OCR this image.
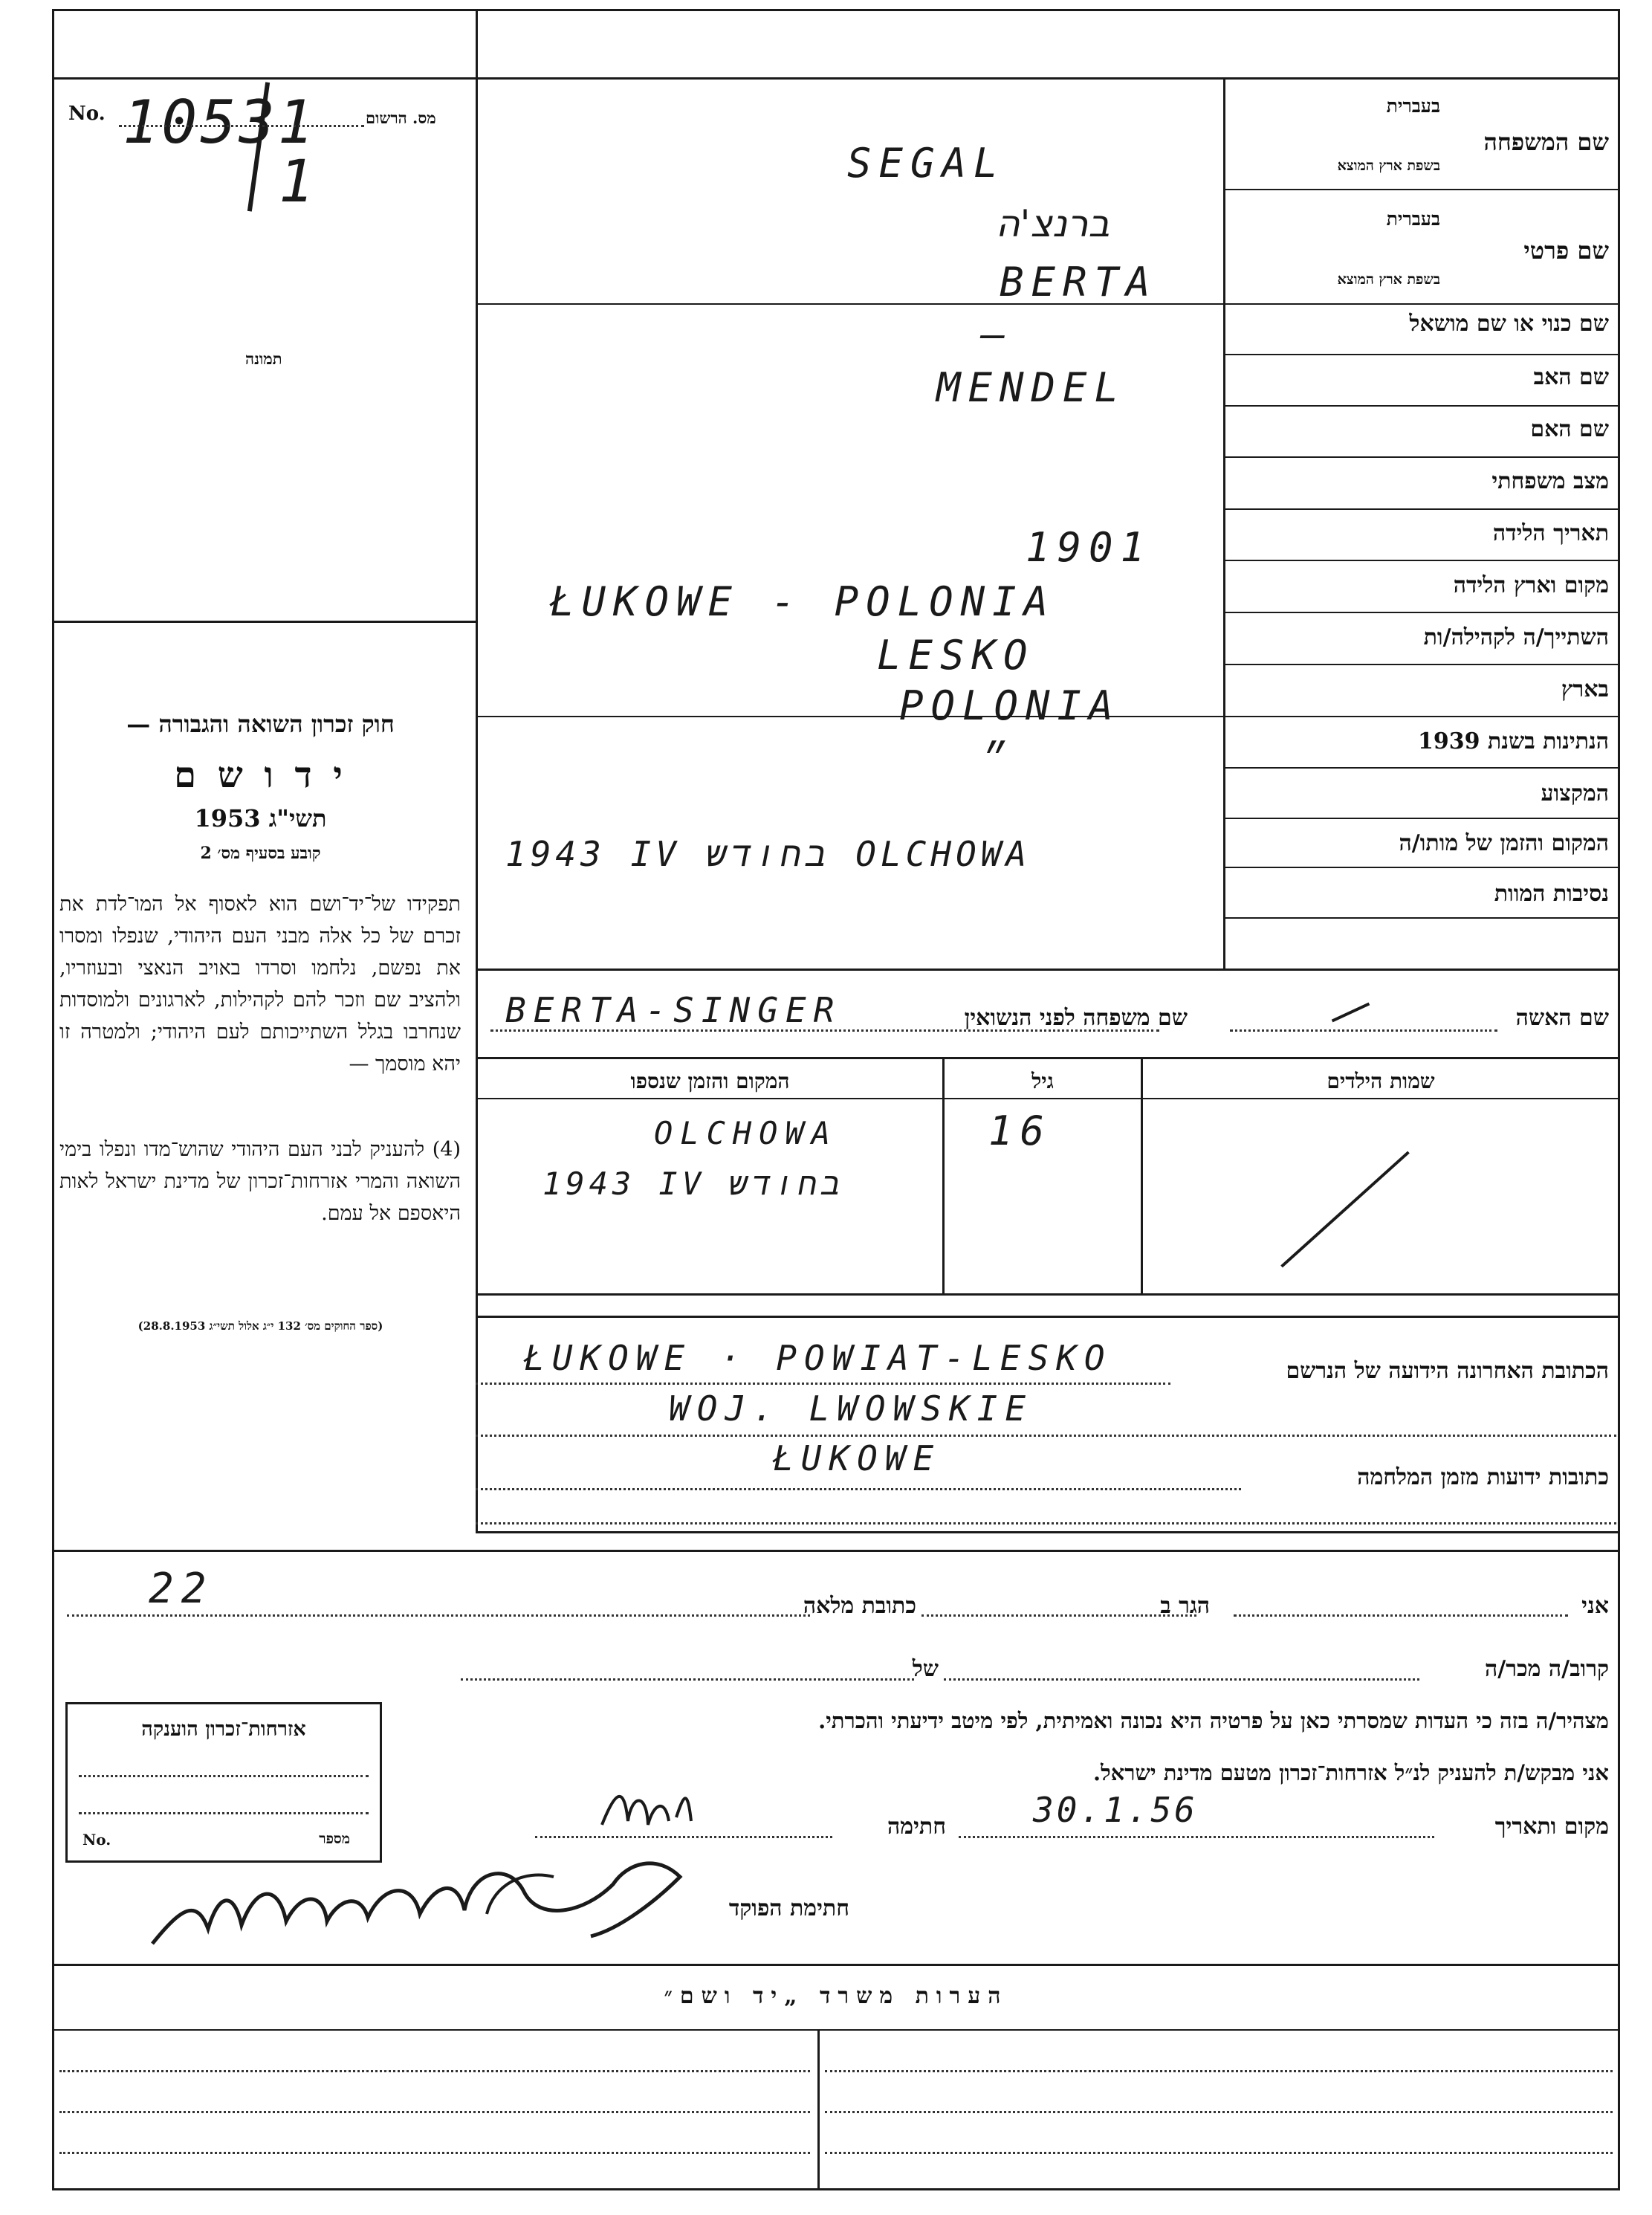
No. 10531
1
מס. הרשום
תמונה
חוק זכרון השואה והגבורה —
י ד ו ש ם
תשי"ג 1953
קובע בסעיף מס׳ 2
תפקידו של־יד־ושם הוא לאסוף אל המו־לדת את זכרם של כל אלה מבני העם היהודי, שנפלו ומסרו את נפשם, נלחמו וסרדו באויב הנאצי ובעוזריו, ולהציב שם וזכר להם לקהילות, לארגונים ולמוסדות שנחרבו בגלל השתייכותם לעם היהודי; ולמטרה זו יהא מוסמך —
(4) להעניק לבני העם היהודי שהוש־מדו ונפלו בימי השואה והמרי אזרחות־זכרון של מדינת ישראל לאות היאספם אל עמם.
(ספר החוקים מס׳ 132 י״ג אלול תשי״ג 28.8.1953)
שם המשפחה
בעברית
בשפת ארץ המוצא
שם פרטי
בעברית
בשפת ארץ המוצא
שם כנוי או שם מושאל
שם האב
שם האם
מצב משפחתי
תאריך הלידה
מקום וארץ הלידה
השתייך/ה לקהילה/ות
בארץ
הנתינות בשנת 1939
המקצוע
המקום והזמן של מותו/ה
נסיבות המוות
SEGAL
ברנצ'ה
BERTA
—
MENDEL
1901
ŁUKOWE - POLONIA
LESKO
POLONIA
״
1943 IV בחודש OLCHOWA
שם האשה
שם משפחה לפני הנשואין
BERTA-SINGER
שמות הילדים
גיל
המקום והזמן שנספו
16
OLCHOWA
1943 IV בחודש
הכתובת האחרונה הידועה של הנרשם
ŁUKOWE · POWIAT-LESKO
WOJ. LWOWSKIE
כתובות ידועות מזמן המלחמה
ŁUKOWE
אני
הגר ב
כתובת מלאה
22
קרוב/ה מכר/ה
של
מצהיר/ה בזה כי העדות שמסרתי כאן על פרטיה היא נכונה ואמיתית, לפי מיטב ידיעתי והכרתי.
אני מבקש/ת להעניק לנ״ל אזרחות־זכרון מטעם מדינת ישראל.
מקום ותאריך
30.1.56
חתימה
חתימת הפוקד
אזרחות־זכרון הוענקה
No.	מספר
הערות משרד „יד ושם״
